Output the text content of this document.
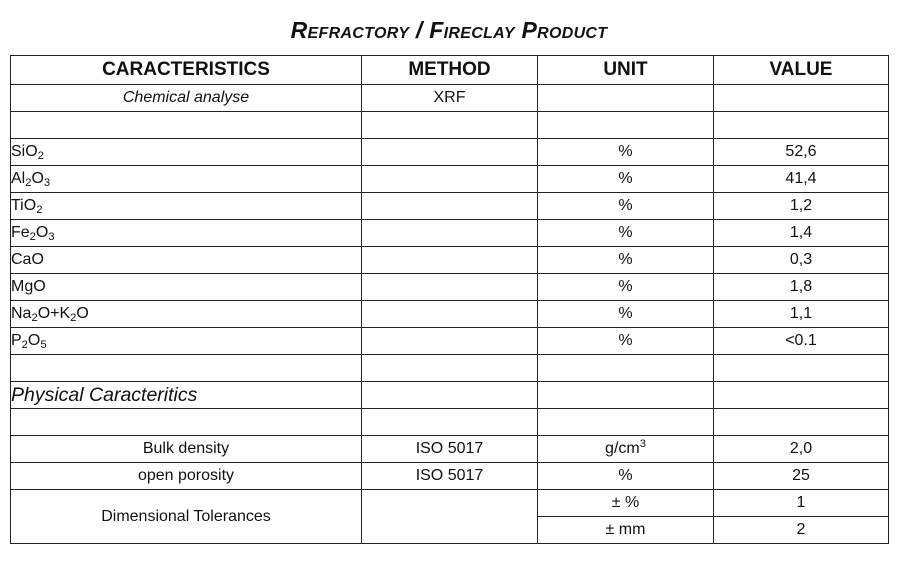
Refractory / Fireclay Product
CARACTERISTICS	METHOD	UNIT	VALUE
Chemical analyse	XRF		

SiO$_2$		%	52,6
$Al_2O_3$		%	41,4
TiO$_2$		%	1,2
$Fe_2O_3$		%	1,4
CaO		%	0,3
MgO		%	1,8
$Na_2O+K_2O$		%	1,1
$P_2O_5$		%	<0.1

Physical Caracteritics			

Bulk density	ISO 5017	$g/cm^3$	2,0
open porosity	ISO 5017	%	25
Dimensional Tolerances		± %	1
		± mm	2
